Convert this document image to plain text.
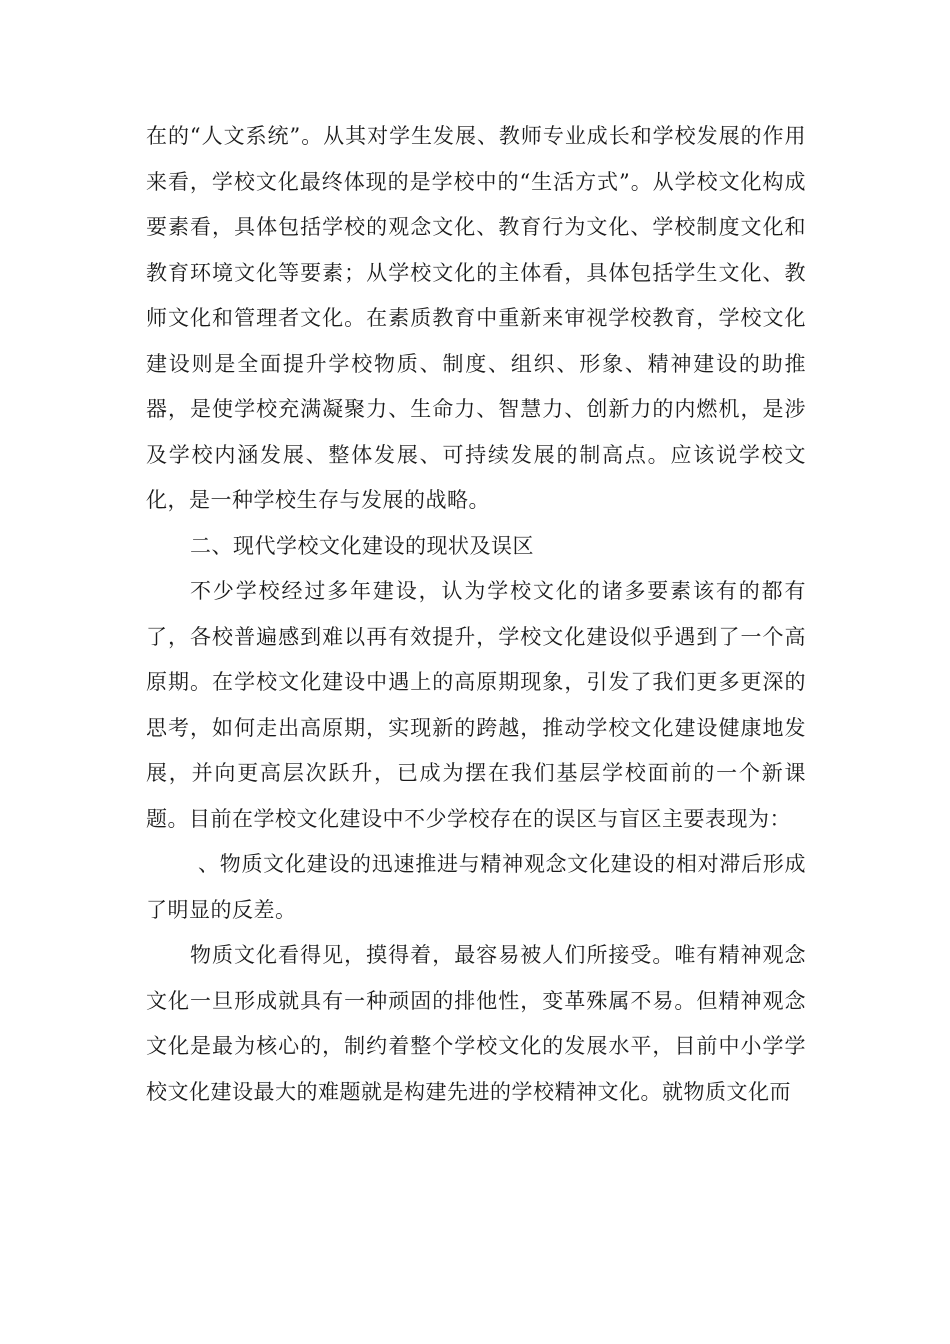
在的“人文系统”。从其对学生发展、教师专业成长和学校发展的作用来看，学校文化最终体现的是学校中的“生活方式”。从学校文化构成要素看，具体包括学校的观念文化、教育行为文化、学校制度文化和教育环境文化等要素；从学校文化的主体看，具体包括学生文化、教师文化和管理者文化。在素质教育中重新来审视学校教育，学校文化建设则是全面提升学校物质、制度、组织、形象、精神建设的助推器，是使学校充满凝聚力、生命力、智慧力、创新力的内燃机，是涉及学校内涵发展、整体发展、可持续发展的制高点。应该说学校文化，是一种学校生存与发展的战略。

二、现代学校文化建设的现状及误区

不少学校经过多年建设，认为学校文化的诸多要素该有的都有了，各校普遍感到难以再有效提升，学校文化建设似乎遇到了一个高原期。在学校文化建设中遇上的高原期现象，引发了我们更多更深的思考，如何走出高原期，实现新的跨越，推动学校文化建设健康地发展，并向更高层次跃升，已成为摆在我们基层学校面前的一个新课题。目前在学校文化建设中不少学校存在的误区与盲区主要表现为：

、物质文化建设的迅速推进与精神观念文化建设的相对滞后形成了明显的反差。

物质文化看得见，摸得着，最容易被人们所接受。唯有精神观念文化一旦形成就具有一种顽固的排他性，变革殊属不易。但精神观念文化是最为核心的，制约着整个学校文化的发展水平，目前中小学学校文化建设最大的难题就是构建先进的学校精神文化。就物质文化而
